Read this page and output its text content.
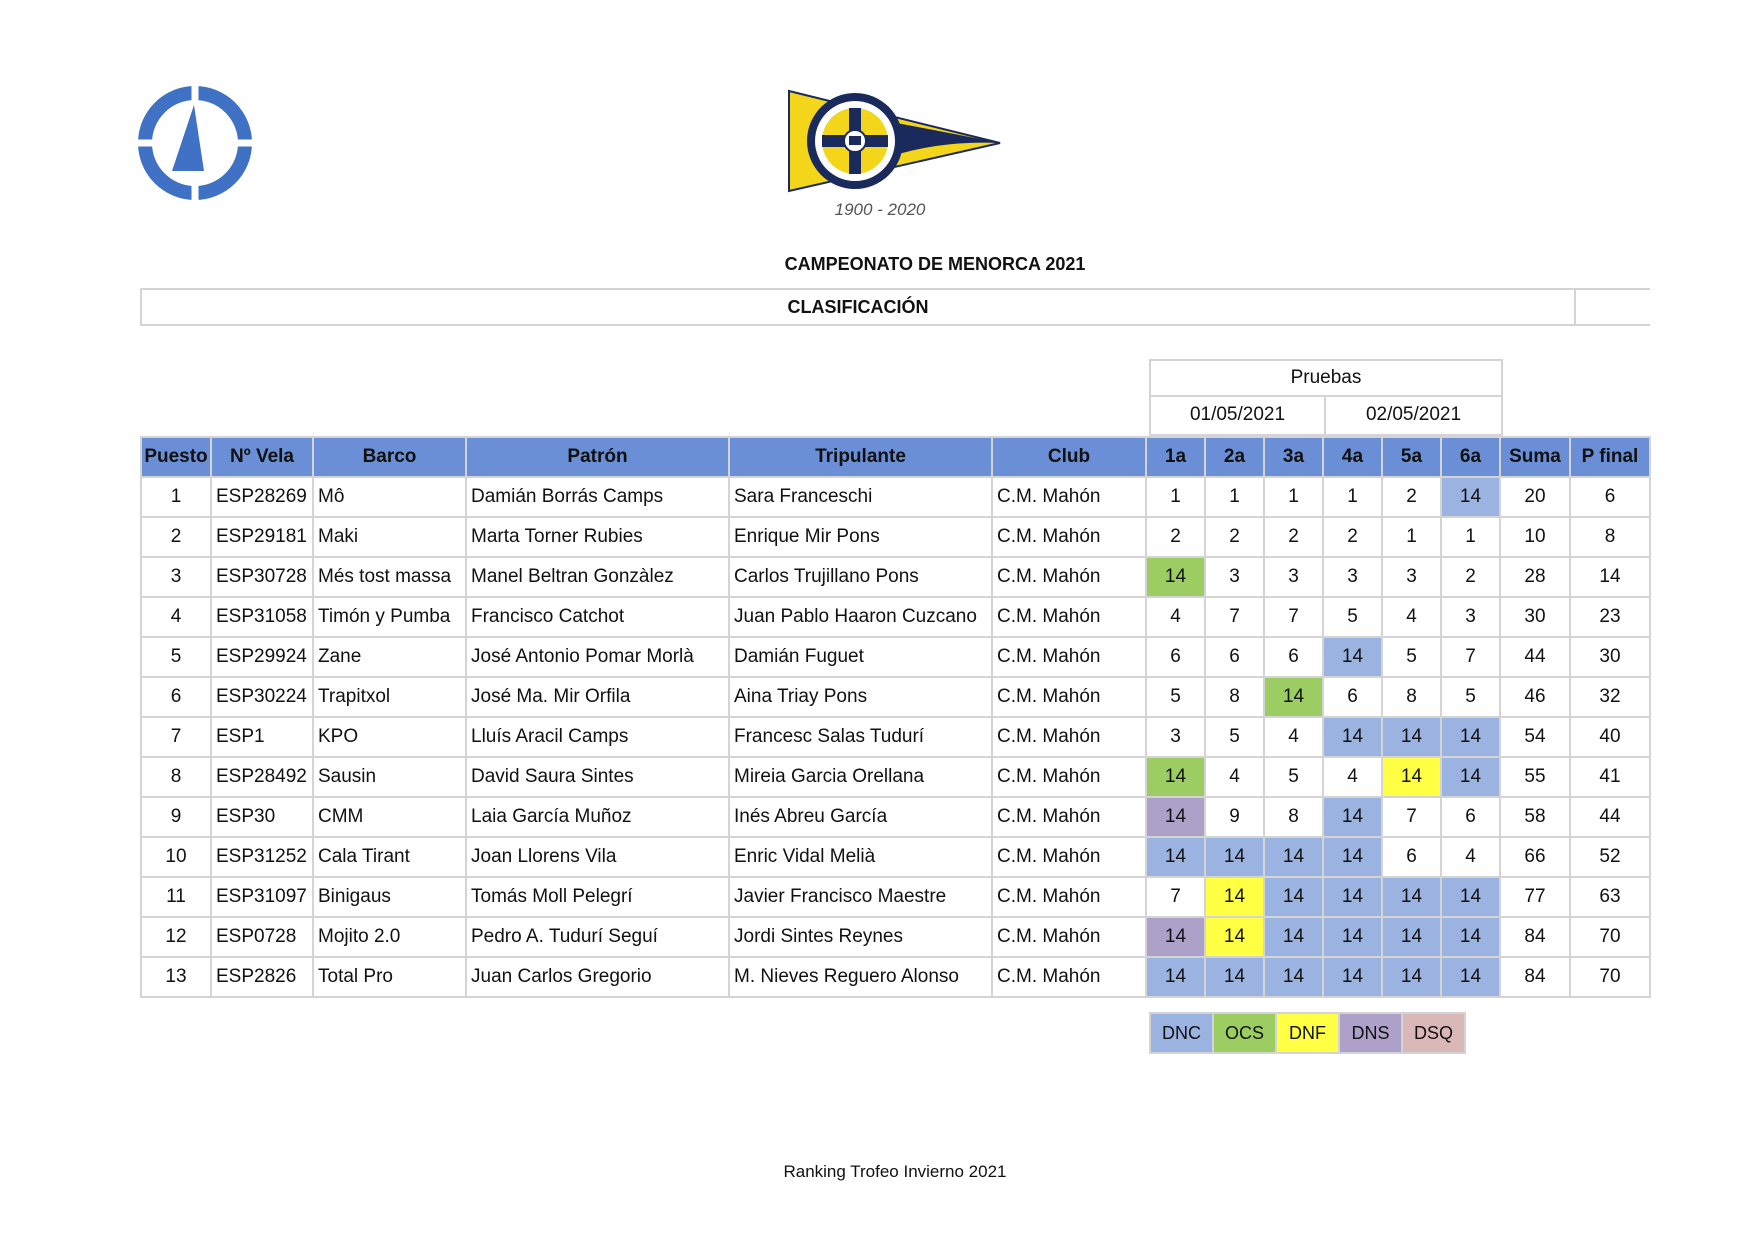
1900 - 2020
CAMPEONATO DE MENORCA 2021
CLASIFICACIÓN
Pruebas
01/05/2021	02/05/2021
Puesto	Nº Vela	Barco	Patrón	Tripulante	Club	1a	2a	3a	4a	5a	6a	Suma	P final
1	ESP28269	Mô	Damián Borrás Camps	Sara Franceschi	C.M. Mahón	1	1	1	1	2	14	20	6
2	ESP29181	Maki	Marta Torner Rubies	Enrique Mir Pons	C.M. Mahón	2	2	2	2	1	1	10	8
3	ESP30728	Més tost massa	Manel Beltran Gonzàlez	Carlos Trujillano Pons	C.M. Mahón	14	3	3	3	3	2	28	14
4	ESP31058	Timón y Pumba	Francisco Catchot	Juan Pablo Haaron Cuzcano	C.M. Mahón	4	7	7	5	4	3	30	23
5	ESP29924	Zane	José Antonio Pomar Morlà	Damián Fuguet	C.M. Mahón	6	6	6	14	5	7	44	30
6	ESP30224	Trapitxol	José Ma. Mir Orfila	Aina Triay Pons	C.M. Mahón	5	8	14	6	8	5	46	32
7	ESP1	KPO	Lluís Aracil Camps	Francesc Salas Tudurí	C.M. Mahón	3	5	4	14	14	14	54	40
8	ESP28492	Sausin	David Saura Sintes	Mireia Garcia Orellana	C.M. Mahón	14	4	5	4	14	14	55	41
9	ESP30	CMM	Laia García Muñoz	Inés Abreu García	C.M. Mahón	14	9	8	14	7	6	58	44
10	ESP31252	Cala Tirant	Joan Llorens Vila	Enric Vidal Melià	C.M. Mahón	14	14	14	14	6	4	66	52
11	ESP31097	Binigaus	Tomás Moll Pelegrí	Javier Francisco Maestre	C.M. Mahón	7	14	14	14	14	14	77	63
12	ESP0728	Mojito 2.0	Pedro A. Tudurí Seguí	Jordi Sintes Reynes	C.M. Mahón	14	14	14	14	14	14	84	70
13	ESP2826	Total Pro	Juan Carlos Gregorio	M. Nieves Reguero Alonso	C.M. Mahón	14	14	14	14	14	14	84	70
DNC	OCS	DNF	DNS	DSQ
Ranking Trofeo Invierno 2021
